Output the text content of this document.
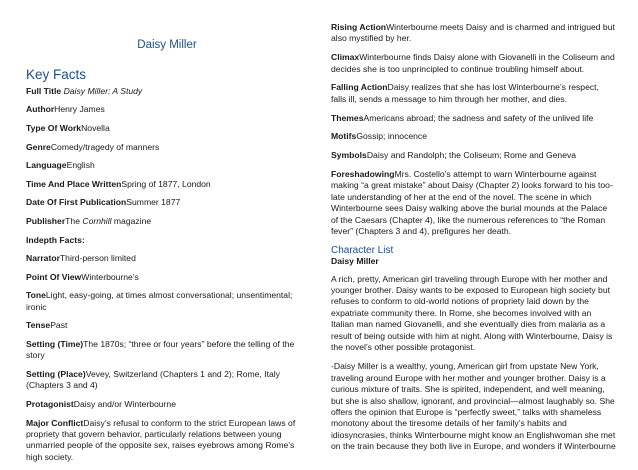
Daisy Miller
Key Facts
Full Title Daisy Miller: A Study
AuthorHenry James
Type Of WorkNovella
GenreComedy/tragedy of manners
LanguageEnglish
Time And Place WrittenSpring of 1877, London
Date Of First PublicationSummer 1877
PublisherThe Cornhill magazine
Indepth Facts:
NarratorThird-person limited
Point Of ViewWinterbourne's
ToneLight, easy-going, at times almost conversational; unsentimental; ironic
TensePast
Setting (Time)The 1870s; “three or four years” before the telling of the story
Setting (Place)Vevey, Switzerland (Chapters 1 and 2); Rome, Italy (Chapters 3 and 4)
ProtagonistDaisy and/or Winterbourne
Major ConflictDaisy’s refusal to conform to the strict European laws of propriety that govern behavior, particularly relations between young unmarried people of the opposite sex, raises eyebrows among Rome’s high society.
Rising ActionWinterbourne meets Daisy and is charmed and intrigued but also mystified by her.
ClimaxWinterbourne finds Daisy alone with Giovanelli in the Coliseum and decides she is too unprincipled to continue troubling himself about.
Falling ActionDaisy realizes that she has lost Winterbourne’s respect, falls ill, sends a message to him through her mother, and dies.
ThemesAmericans abroad; the sadness and safety of the unlived life
MotifsGossip; innocence
SymbolsDaisy and Randolph; the Coliseum; Rome and Geneva
ForeshadowingMrs. Costello’s attempt to warn Winterbourne against making “a great mistake” about Daisy (Chapter 2) looks forward to his too-late understanding of her at the end of the novel. The scene in which Winterbourne sees Daisy walking above the burial mounds at the Palace of the Caesars (Chapter 4), like the numerous references to “the Roman fever” (Chapters 3 and 4), prefigures her death.
Character List
Daisy Miller
A rich, pretty, American girl traveling through Europe with her mother and younger brother. Daisy wants to be exposed to European high society but refuses to conform to old-world notions of propriety laid down by the expatriate community there. In Rome, she becomes involved with an Italian man named Giovanelli, and she eventually dies from malaria as a result of being outside with him at night. Along with Winterbourne, Daisy is the novel’s other possible protagonist.
-Daisy Miller is a wealthy, young, American girl from upstate New York, traveling around Europe with her mother and younger brother. Daisy is a curious mixture of traits. She is spirited, independent, and well meaning, but she is also shallow, ignorant, and provincial—almost laughably so. She offers the opinion that Europe is “perfectly sweet,” talks with shameless monotony about the tiresome details of her family’s habits and idiosyncrasies, thinks Winterbourne might know an Englishwoman she met on the train because they both live in Europe, and wonders if Winterbourne
